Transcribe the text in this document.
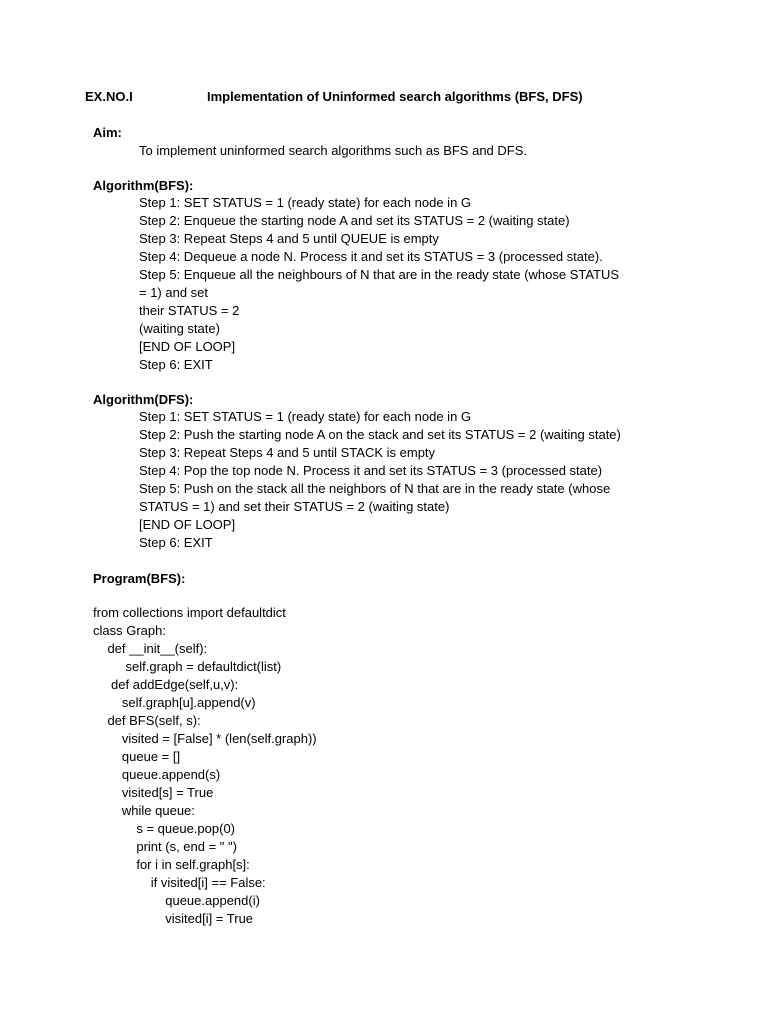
EX.NO.I	Implementation of Uninformed search algorithms (BFS, DFS)
Aim:
To implement uninformed search algorithms such as BFS and DFS.
Algorithm(BFS):
Step 1: SET STATUS = 1 (ready state) for each node in G
Step 2: Enqueue the starting node A and set its STATUS = 2 (waiting state)
Step 3: Repeat Steps 4 and 5 until QUEUE is empty
Step 4: Dequeue a node N. Process it and set its STATUS = 3 (processed state).
Step 5: Enqueue all the neighbours of N that are in the ready state (whose STATUS
= 1) and set
their STATUS = 2
(waiting state)
[END OF LOOP]
Step 6: EXIT
Algorithm(DFS):
Step 1: SET STATUS = 1 (ready state) for each node in G
Step 2: Push the starting node A on the stack and set its STATUS = 2 (waiting state)
Step 3: Repeat Steps 4 and 5 until STACK is empty
Step 4: Pop the top node N. Process it and set its STATUS = 3 (processed state)
Step 5: Push on the stack all the neighbors of N that are in the ready state (whose
STATUS = 1) and set their STATUS = 2 (waiting state)
[END OF LOOP]
Step 6: EXIT
Program(BFS):
from collections import defaultdict
class Graph:
def __init__(self):
self.graph = defaultdict(list)
def addEdge(self,u,v):
self.graph[u].append(v)
def BFS(self, s):
visited = [False] * (len(self.graph))
queue = []
queue.append(s)
visited[s] = True
while queue:
s = queue.pop(0)
print (s, end = " ")
for i in self.graph[s]:
if visited[i] == False:
queue.append(i)
visited[i] = True
